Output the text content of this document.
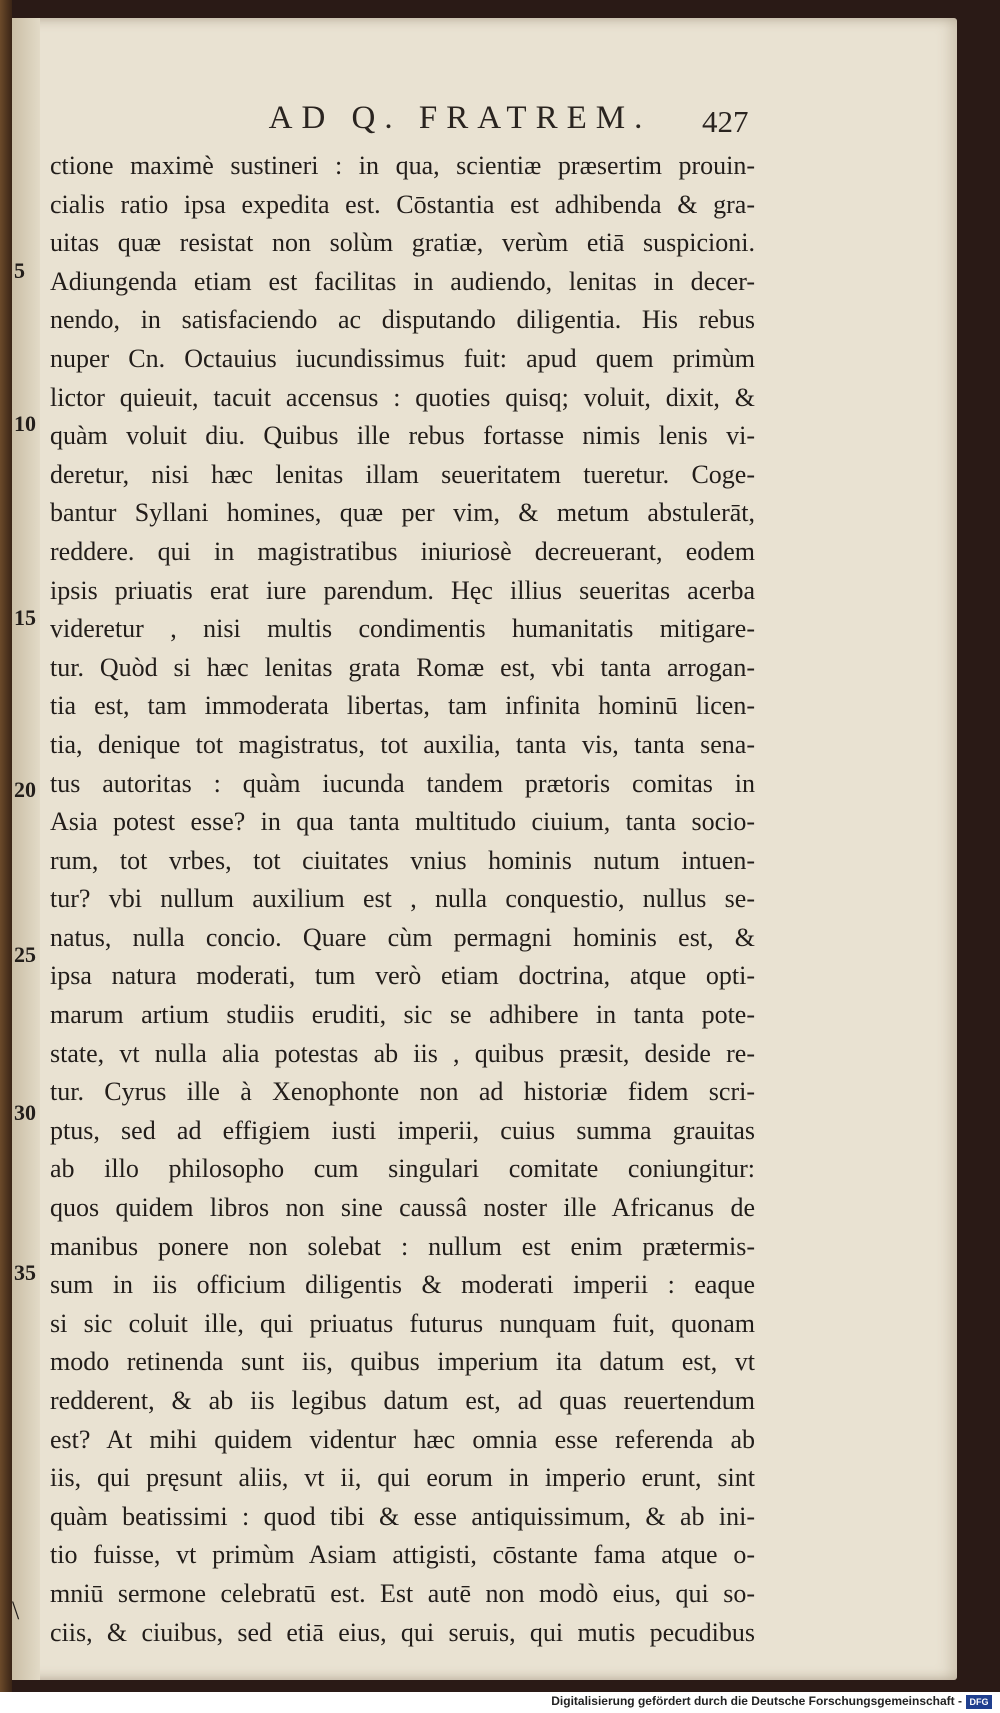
AD Q. FRATREM.	427
5
10
15
20
25
30
35
ctione maximè sustineri : in qua, scientiæ præsertim prouin-
cialis ratio ipsa expedita est. Cōstantia est adhibenda & gra-
uitas quæ resistat non solùm gratiæ, verùm etiā suspicioni.
Adiungenda etiam est facilitas in audiendo, lenitas in decer-
nendo, in satisfaciendo ac disputando diligentia. His rebus
nuper Cn. Octauius iucundissimus fuit: apud quem primùm
lictor quieuit, tacuit accensus : quoties quisq; voluit, dixit, &
quàm voluit diu. Quibus ille rebus fortasse nimis lenis vi-
deretur, nisi hæc lenitas illam seueritatem tueretur. Coge-
bantur Syllani homines, quæ per vim, & metum abstulerāt,
reddere. qui in magistratibus iniuriosè decreuerant, eodem
ipsis priuatis erat iure parendum. Hęc illius seueritas acerba
videretur , nisi multis condimentis humanitatis mitigare-
tur. Quòd si hæc lenitas grata Romæ est, vbi tanta arrogan-
tia est, tam immoderata libertas, tam infinita hominū licen-
tia, denique tot magistratus, tot auxilia, tanta vis, tanta sena-
tus autoritas : quàm iucunda tandem prætoris comitas in
Asia potest esse? in qua tanta multitudo ciuium, tanta socio-
rum, tot vrbes, tot ciuitates vnius hominis nutum intuen-
tur? vbi nullum auxilium est , nulla conquestio, nullus se-
natus, nulla concio. Quare cùm permagni hominis est, &
ipsa natura moderati, tum verò etiam doctrina, atque opti-
marum artium studiis eruditi, sic se adhibere in tanta pote-
state, vt nulla alia potestas ab iis , quibus præsit, deside re-
tur. Cyrus ille à Xenophonte non ad historiæ fidem scri-
ptus, sed ad effigiem iusti imperii, cuius summa grauitas
ab illo philosopho cum singulari comitate coniungitur:
quos quidem libros non sine caussâ noster ille Africanus de
manibus ponere non solebat : nullum est enim prætermis-
sum in iis officium diligentis & moderati imperii : eaque
si sic coluit ille, qui priuatus futurus nunquam fuit, quonam
modo retinenda sunt iis, quibus imperium ita datum est, vt
redderent, & ab iis legibus datum est, ad quas reuertendum
est? At mihi quidem videntur hæc omnia esse referenda ab
iis, qui pręsunt aliis, vt ii, qui eorum in imperio erunt, sint
quàm beatissimi : quod tibi & esse antiquissimum, & ab ini-
tio fuisse, vt primùm Asiam attigisti, cōstante fama atque o-
mniū sermone celebratū est. Est autē non modò eius, qui so-
ciis, & ciuibus, sed etiā eius, qui seruis, qui mutis pecudibus
\
Digitalisierung gefördert durch die Deutsche Forschungsgemeinschaft - DFG
